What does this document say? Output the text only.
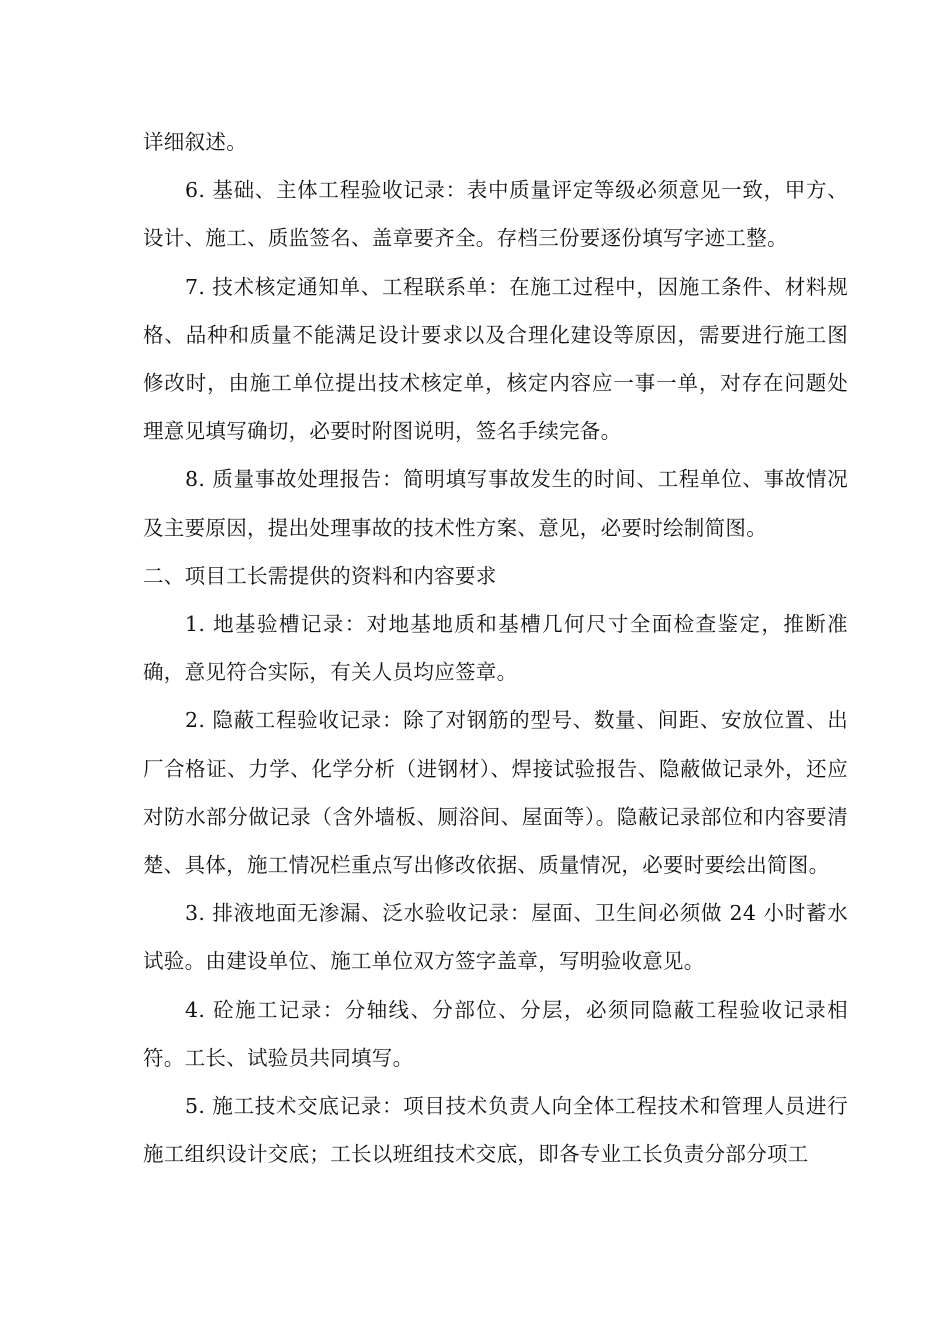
详细叙述。

6. 基础、主体工程验收记录：表中质量评定等级必须意见一致，甲方、设计、施工、质监签名、盖章要齐全。存档三份要逐份填写字迹工整。

7. 技术核定通知单、工程联系单：在施工过程中，因施工条件、材料规格、品种和质量不能满足设计要求以及合理化建设等原因，需要进行施工图修改时，由施工单位提出技术核定单，核定内容应一事一单，对存在问题处理意见填写确切，必要时附图说明，签名手续完备。

8. 质量事故处理报告：简明填写事故发生的时间、工程单位、事故情况及主要原因，提出处理事故的技术性方案、意见，必要时绘制简图。

二、项目工长需提供的资料和内容要求

1. 地基验槽记录：对地基地质和基槽几何尺寸全面检查鉴定，推断准确，意见符合实际，有关人员均应签章。

2. 隐蔽工程验收记录：除了对钢筋的型号、数量、间距、安放位置、出厂合格证、力学、化学分析（进钢材）、焊接试验报告、隐蔽做记录外，还应对防水部分做记录（含外墙板、厕浴间、屋面等）。隐蔽记录部位和内容要清楚、具体，施工情况栏重点写出修改依据、质量情况，必要时要绘出简图。

3. 排液地面无渗漏、泛水验收记录：屋面、卫生间必须做 24 小时蓄水试验。由建设单位、施工单位双方签字盖章，写明验收意见。

4. 砼施工记录：分轴线、分部位、分层，必须同隐蔽工程验收记录相符。工长、试验员共同填写。

5. 施工技术交底记录：项目技术负责人向全体工程技术和管理人员进行施工组织设计交底；工长以班组技术交底，即各专业工长负责分部分项工
